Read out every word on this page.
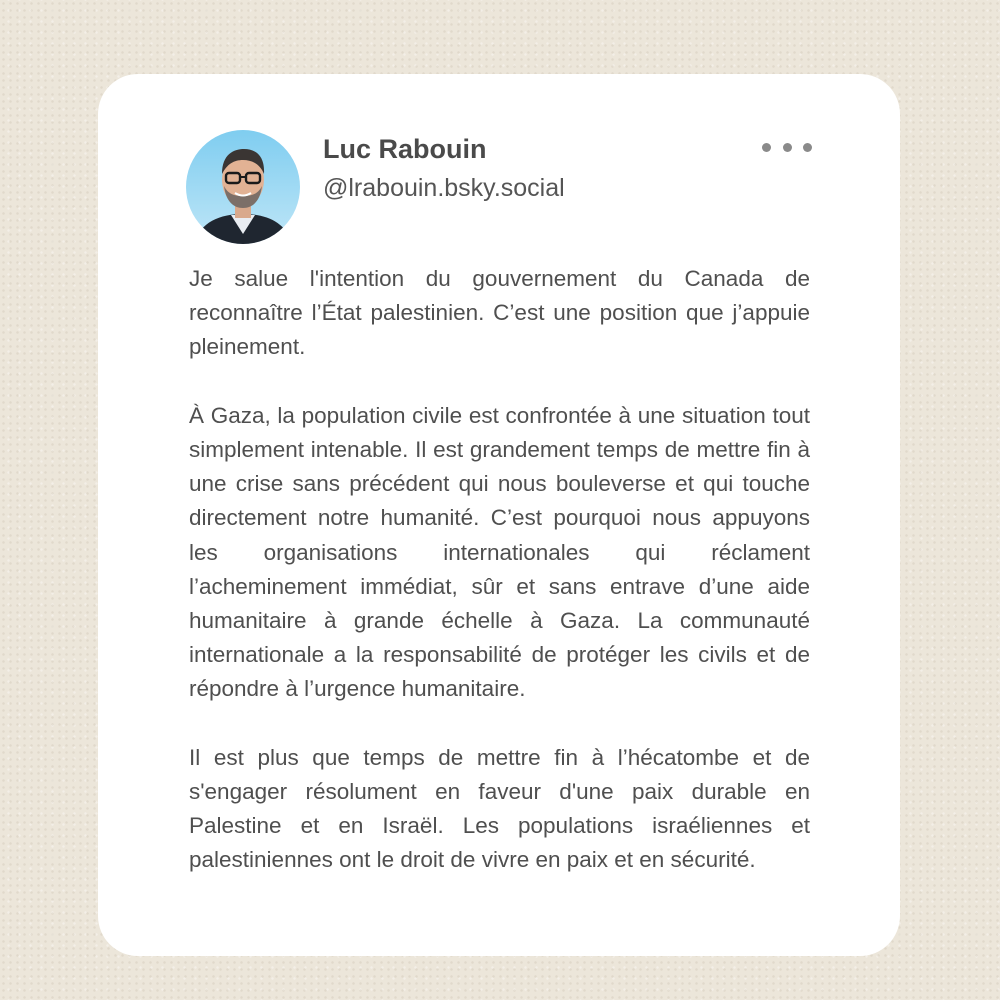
Luc Rabouin
@lrabouin.bsky.social

Je salue l'intention du gouvernement du Canada de reconnaître l’État palestinien. C’est une position que j’appuie pleinement.

À Gaza, la population civile est confrontée à une situation tout simplement intenable. Il est grandement temps de mettre fin à une crise sans précédent qui nous bouleverse et qui touche directement notre humanité. C’est pourquoi nous appuyons les organisations internationales qui réclament l’acheminement immédiat, sûr et sans entrave d’une aide humanitaire à grande échelle à Gaza. La communauté internationale a la responsabilité de protéger les civils et de répondre à l’urgence humanitaire.

Il est plus que temps de mettre fin à l’hécatombe et de s'engager résolument en faveur d'une paix durable en Palestine et en Israël. Les populations israéliennes et palestiniennes ont le droit de vivre en paix et en sécurité.
